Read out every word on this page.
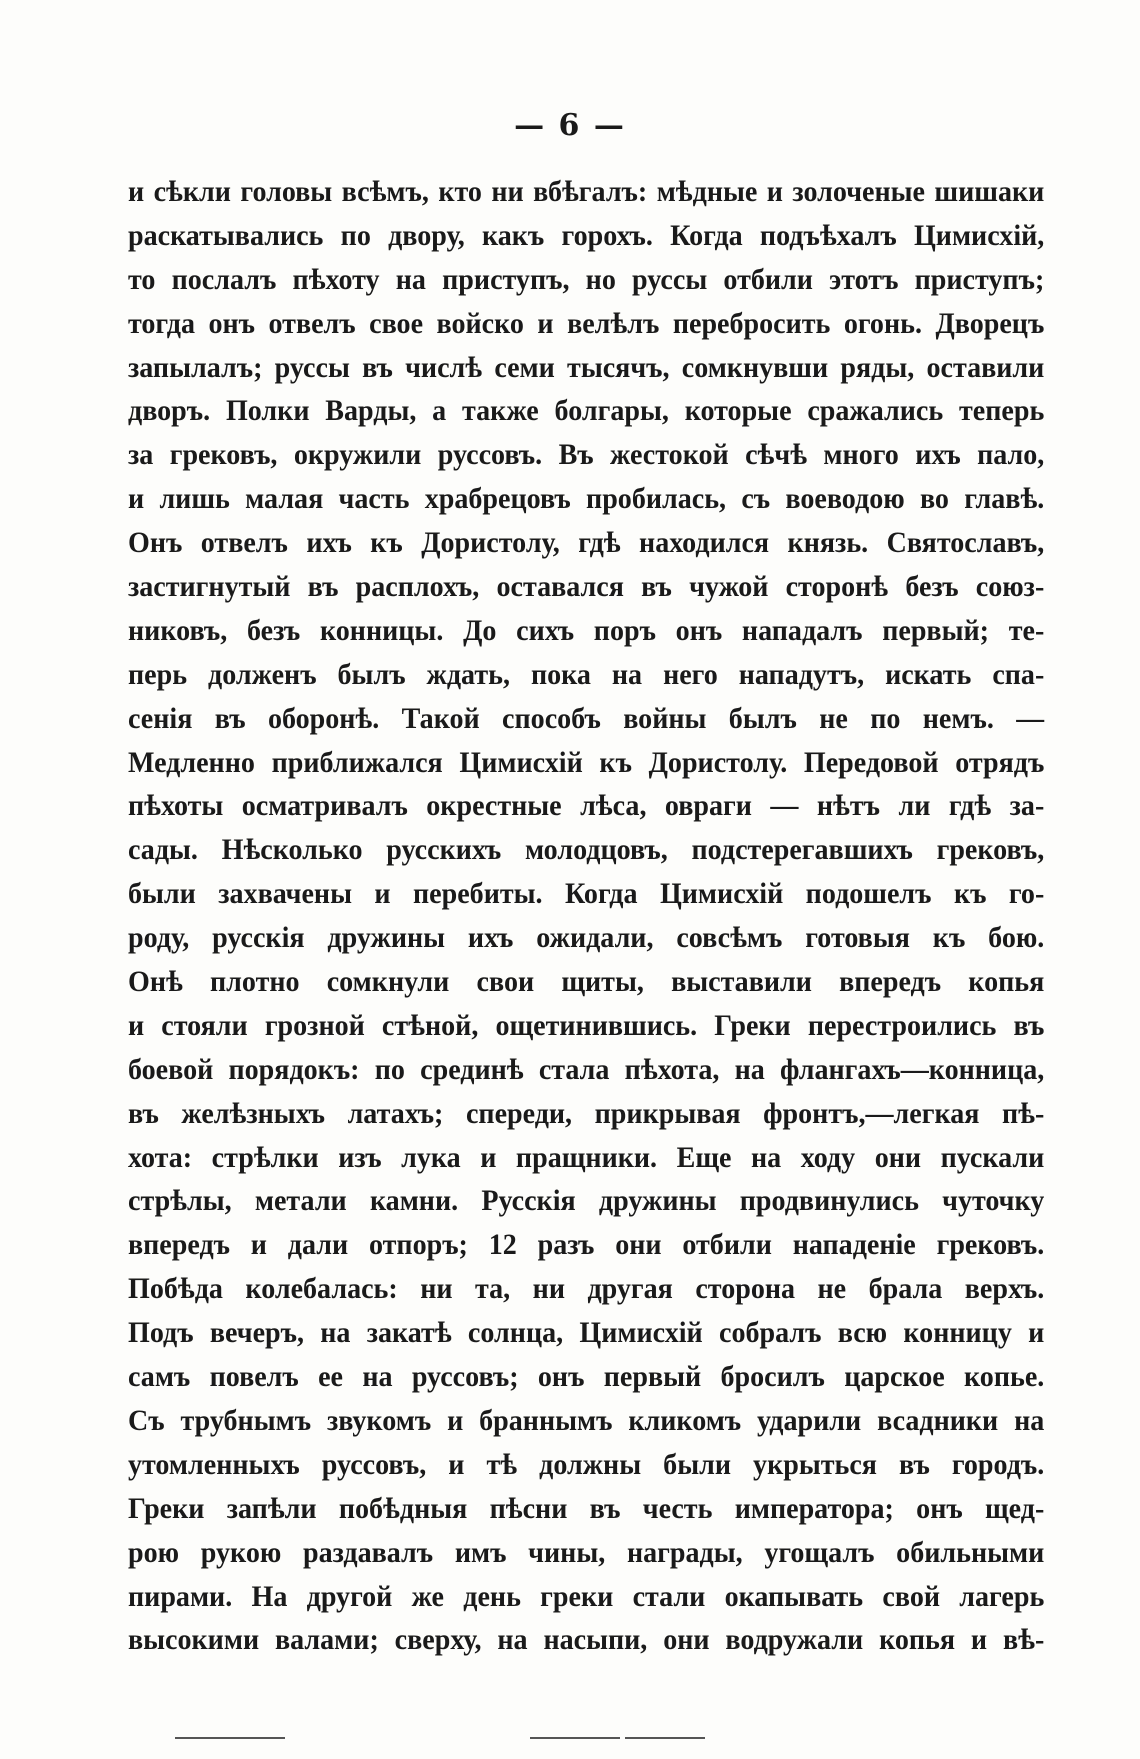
— 6 —
и сѣкли головы всѣмъ, кто ни вбѣгалъ: мѣдные и золоченые шишаки
раскатывались по двору, какъ горохъ. Когда подъѣхалъ Цимисхій,
то послалъ пѣхоту на приступъ, но руссы отбили этотъ приступъ;
тогда онъ отвелъ свое войско и велѣлъ перебросить огонь. Дворецъ
запылалъ; руссы въ числѣ семи тысячъ, сомкнувши ряды, оставили
дворъ. Полки Варды, а также болгары, которые сражались теперь
за грековъ, окружили руссовъ. Въ жестокой сѣчѣ много ихъ пало,
и лишь малая часть храбрецовъ пробилась, съ воеводою во главѣ.
Онъ отвелъ ихъ къ Дористолу, гдѣ находился князь. Святославъ,
застигнутый въ расплохъ, оставался въ чужой сторонѣ безъ союз-
никовъ, безъ конницы. До сихъ поръ онъ нападалъ первый; те-
перь долженъ былъ ждать, пока на него нападутъ, искать спа-
сенія въ оборонѣ. Такой способъ войны былъ не по немъ. —
Медленно приближался Цимисхій къ Дористолу. Передовой отрядъ
пѣхоты осматривалъ окрестные лѣса, овраги — нѣтъ ли гдѣ за-
сады. Нѣсколько русскихъ молодцовъ, подстерегавшихъ грековъ,
были захвачены и перебиты. Когда Цимисхій подошелъ къ го-
роду, русскія дружины ихъ ожидали, совсѣмъ готовыя къ бою.
Онѣ плотно сомкнули свои щиты, выставили впередъ копья
и стояли грозной стѣной, ощетинившись. Греки перестроились въ
боевой порядокъ: по срединѣ стала пѣхота, на флангахъ—конница,
въ желѣзныхъ латахъ; спереди, прикрывая фронтъ,—легкая пѣ-
хота: стрѣлки изъ лука и пращники. Еще на ходу они пускали
стрѣлы, метали камни. Русскія дружины продвинулись чуточку
впередъ и дали отпоръ; 12 разъ они отбили нападеніе грековъ.
Побѣда колебалась: ни та, ни другая сторона не брала верхъ.
Подъ вечеръ, на закатѣ солнца, Цимисхій собралъ всю конницу и
самъ повелъ ее на руссовъ; онъ первый бросилъ царское копье.
Съ трубнымъ звукомъ и браннымъ кликомъ ударили всадники на
утомленныхъ руссовъ, и тѣ должны были укрыться въ городъ.
Греки запѣли побѣдныя пѣсни въ честь императора; онъ щед-
рою рукою раздавалъ имъ чины, награды, угощалъ обильными
пирами. На другой же день греки стали окапывать свой лагерь
высокими валами; сверху, на насыпи, они водружали копья и вѣ-
